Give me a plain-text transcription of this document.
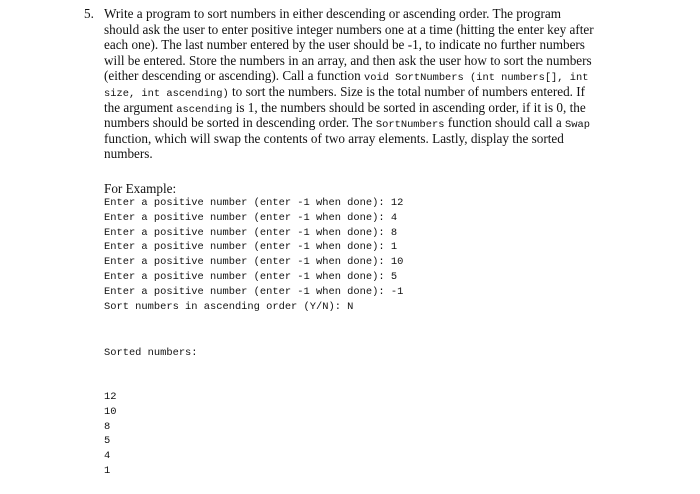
5. Write a program to sort numbers in either descending or ascending order. The program
should ask the user to enter positive integer numbers one at a time (hitting the enter key after
each one). The last number entered by the user should be -1, to indicate no further numbers
will be entered. Store the numbers in an array, and then ask the user how to sort the numbers
(either descending or ascending). Call a function void SortNumbers (int numbers[], int
size, int ascending) to sort the numbers. Size is the total number of numbers entered. If
the argument ascending is 1, the numbers should be sorted in ascending order, if it is 0, the
numbers should be sorted in descending order. The SortNumbers function should call a Swap
function, which will swap the contents of two array elements. Lastly, display the sorted
numbers.
For Example:
Enter a positive number (enter -1 when done): 12
Enter a positive number (enter -1 when done): 4
Enter a positive number (enter -1 when done): 8
Enter a positive number (enter -1 when done): 1
Enter a positive number (enter -1 when done): 10
Enter a positive number (enter -1 when done): 5
Enter a positive number (enter -1 when done): -1
Sort numbers in ascending order (Y/N): N

Sorted numbers:

12
10
8
5
4
1
